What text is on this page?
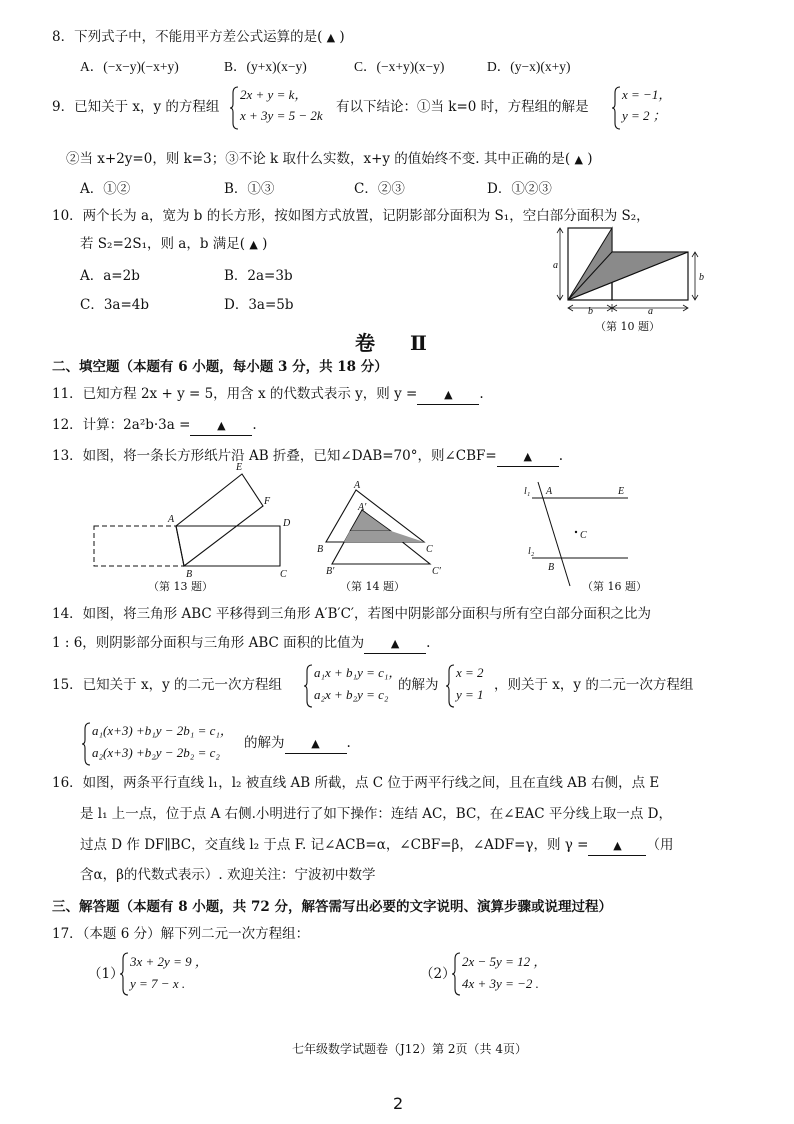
8．下列式子中，不能用平方差公式运算的是( ▲ )
A．(−x−y)(−x+y)	B．(y+x)(x−y)	C．(−x+y)(x−y)	D．(y−x)(x+y)
9．已知关于 x，y 的方程组
2x + y = k，
x + 3y = 5 − 2k
有以下结论：①当 k=0 时，方程组的解是
x = −1，
y = 2 ；
②当 x+2y=0，则 k=3；③不论 k 取什么实数，x+y 的值始终不变. 其中正确的是( ▲ )
A．①②	B．①③	C．②③	D．①②③
10．两个长为 a，宽为 b 的长方形，按如图方式放置，记阴影部分面积为 S₁，空白部分面积为 S₂，
若 S₂=2S₁，则 a，b 满足( ▲ )
A．a=2b	B．2a=3b
C．3a=4b	D．3a=5b
a
b
b	a
（第 10 题）
卷 Ⅱ
二、填空题（本题有 6 小题，每小题 3 分，共 18 分）
11．已知方程 2x + y = 5，用含 x 的代数式表示 y，则 y = ▲ .
12．计算：2a²b·3a = ▲ .
13．如图，将一条长方形纸片沿 AB 折叠，已知∠DAB=70°，则∠CBF= ▲ .
E
F
A	D
B	C
（第 13 题）
A
A′
B	C
B′	C′
（第 14 题）
l₁ A	E
C
l₂
B
（第 16 题）
14．如图，将三角形 ABC 平移得到三角形 A′B′C′，若图中阴影部分面积与所有空白部分面积之比为
1 : 6，则阴影部分面积与三角形 ABC 面积的比值为 ▲ .
15．已知关于 x，y 的二元一次方程组
a₁x + b₁y = c₁，
a₂x + b₂y = c₂
的解为
x = 2
y = 1
，则关于 x，y 的二元一次方程组
a₁(x+3) +b₁y − 2b₁ = c₁，
a₂(x+3) +b₂y − 2b₂ = c₂
的解为 ▲ .
16．如图，两条平行直线 l₁，l₂ 被直线 AB 所截，点 C 位于两平行线之间，且在直线 AB 右侧，点 E
是 l₁ 上一点，位于点 A 右侧.小明进行了如下操作：连结 AC，BC，在∠EAC 平分线上取一点 D，
过点 D 作 DF∥BC，交直线 l₂ 于点 F. 记∠ACB=α，∠CBF=β，∠ADF=γ，则 γ = ▲ （用
含α，β的代数式表示）. 欢迎关注：宁波初中数学
三、解答题（本题有 8 小题，共 72 分，解答需写出必要的文字说明、演算步骤或说理过程）
17．（本题 6 分）解下列二元一次方程组：
（1）
3x + 2y = 9 ，
y = 7 − x .
（2）
2x − 5y = 12 ，
4x + 3y = −2 .
七年级数学试题卷（J12）第 2页（共 4页）
2
